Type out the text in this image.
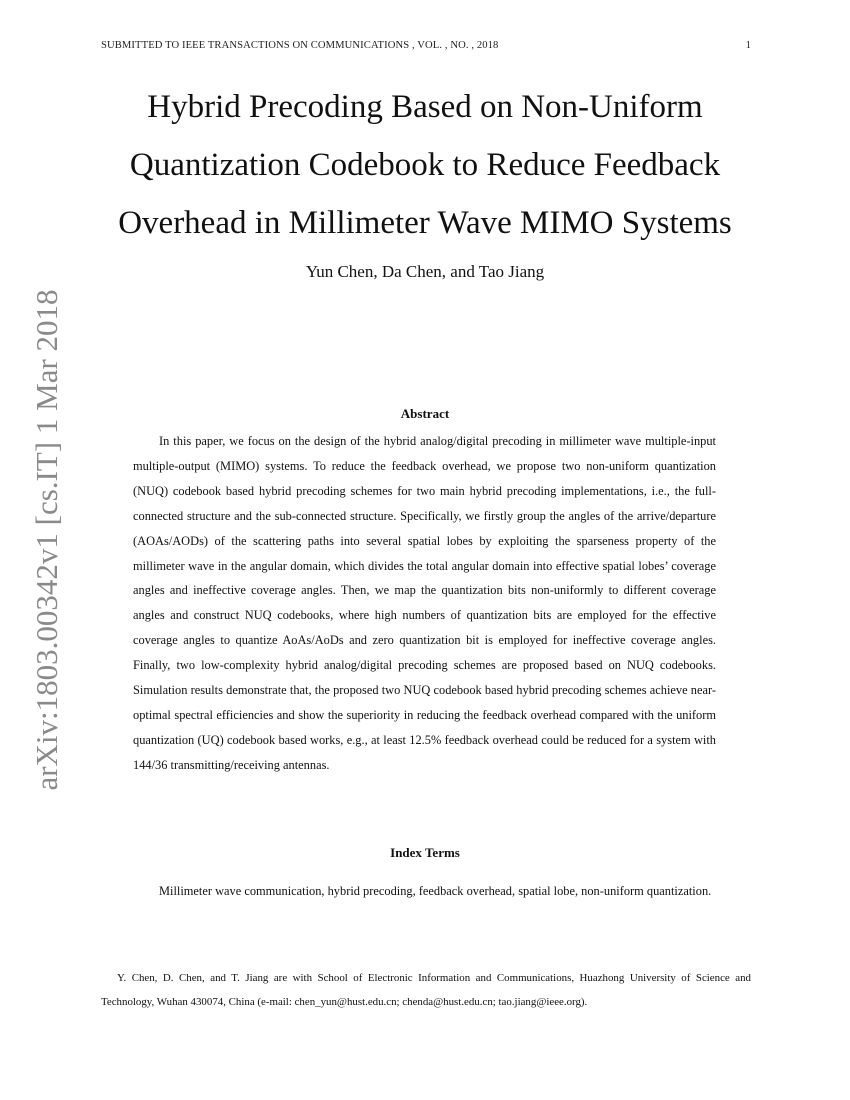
SUBMITTED TO IEEE TRANSACTIONS ON COMMUNICATIONS , VOL. , NO. , 2018	1
arXiv:1803.00342v1 [cs.IT] 1 Mar 2018
Hybrid Precoding Based on Non-Uniform Quantization Codebook to Reduce Feedback Overhead in Millimeter Wave MIMO Systems
Yun Chen, Da Chen, and Tao Jiang
Abstract

In this paper, we focus on the design of the hybrid analog/digital precoding in millimeter wave multiple-input multiple-output (MIMO) systems. To reduce the feedback overhead, we propose two non-uniform quantization (NUQ) codebook based hybrid precoding schemes for two main hybrid precoding implementations, i.e., the full-connected structure and the sub-connected structure. Specifically, we firstly group the angles of the arrive/departure (AOAs/AODs) of the scattering paths into several spatial lobes by exploiting the sparseness property of the millimeter wave in the angular domain, which divides the total angular domain into effective spatial lobes’ coverage angles and ineffective coverage angles. Then, we map the quantization bits non-uniformly to different coverage angles and construct NUQ codebooks, where high numbers of quantization bits are employed for the effective coverage angles to quantize AoAs/AoDs and zero quantization bit is employed for ineffective coverage angles. Finally, two low-complexity hybrid analog/digital precoding schemes are proposed based on NUQ codebooks. Simulation results demonstrate that, the proposed two NUQ codebook based hybrid precoding schemes achieve near-optimal spectral efficiencies and show the superiority in reducing the feedback overhead compared with the uniform quantization (UQ) codebook based works, e.g., at least 12.5% feedback overhead could be reduced for a system with 144/36 transmitting/receiving antennas.

Index Terms

Millimeter wave communication, hybrid precoding, feedback overhead, spatial lobe, non-uniform quantization.

Y. Chen, D. Chen, and T. Jiang are with School of Electronic Information and Communications, Huazhong University of Science and Technology, Wuhan 430074, China (e-mail: chen_yun@hust.edu.cn; chenda@hust.edu.cn; tao.jiang@ieee.org).
